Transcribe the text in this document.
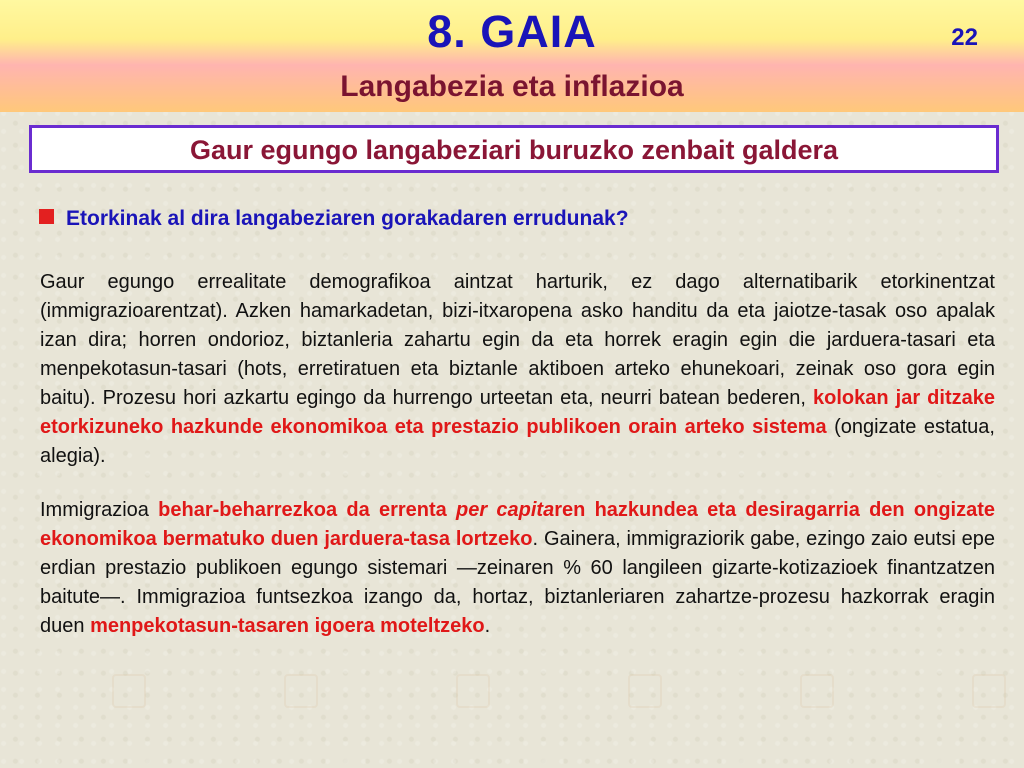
8. GAIA	22
Langabezia eta inflazioa
Gaur egungo langabeziari buruzko zenbait galdera
Etorkinak al dira langabeziaren gorakadaren errudunak?
Gaur egungo errealitate demografikoa aintzat harturik, ez dago alternatibarik etorkinentzat (immigrazioarentzat). Azken hamarkadetan, bizi-itxaropena asko handitu da eta jaiotze-tasak oso apalak izan dira; horren ondorioz, biztanleria zahartu egin da eta horrek eragin egin die jarduera-tasari eta menpekotasun-tasari (hots, erretiratuen eta biztanle aktiboen arteko ehunekoari, zeinak oso gora egin baitu). Prozesu hori azkartu egingo da hurrengo urteetan eta, neurri batean bederen, kolokan jar ditzake etorkizuneko hazkunde ekonomikoa eta prestazio publikoen orain arteko sistema (ongizate estatua, alegia).
Immigrazioa behar-beharrezkoa da errenta per capitaren hazkundea eta desiragarria den ongizate ekonomikoa bermatuko duen jarduera-tasa lortzeko. Gainera, immigraziorik gabe, ezingo zaio eutsi epe erdian prestazio publikoen egungo sistemari —zeinaren % 60 langileen gizarte-kotizazioek finantzatzen baitute—. Immigrazioa funtsezkoa izango da, hortaz, biztanleriaren zahartze-prozesu hazkorrak eragin duen menpekotasun-tasaren igoera moteltzeko.
